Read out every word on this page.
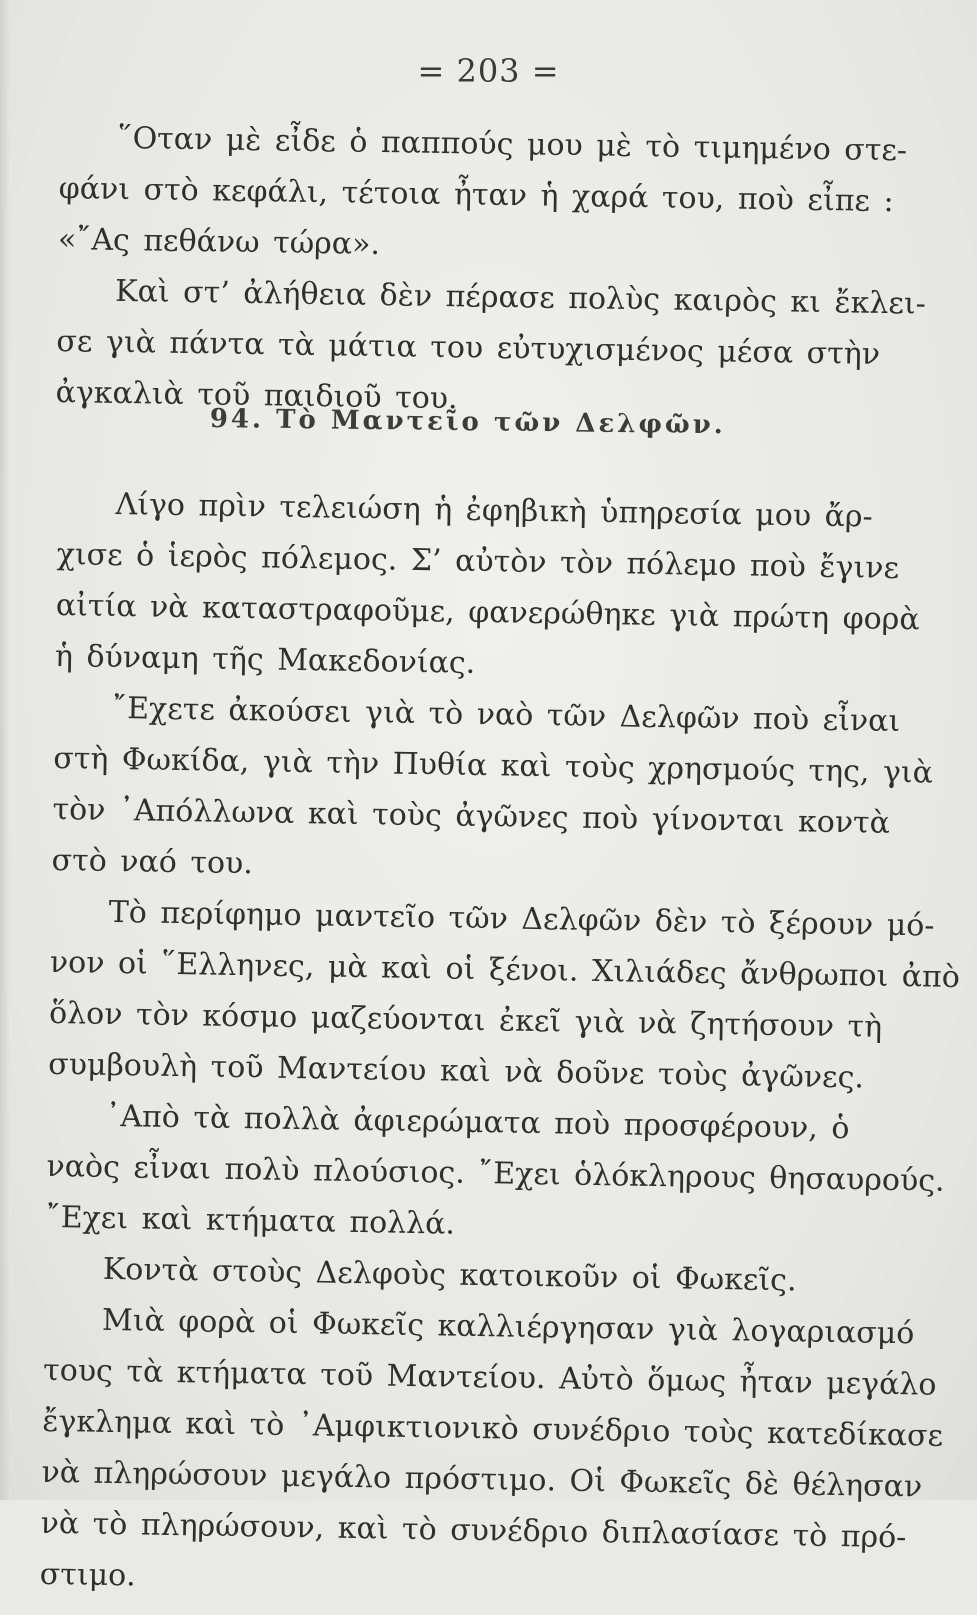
= 203 =
῞Οταν μὲ εἶδε ὁ παππούς μου μὲ τὸ τιμημένο στε-
φάνι στὸ κεφάλι, τέτοια ἦταν ἡ χαρά του, ποὺ εἶπε :
«῎Ας πεθάνω τώρα».
Καὶ στ’ ἀλήθεια δὲν πέρασε πολὺς καιρὸς κι ἔκλει-
σε γιὰ πάντα τὰ μάτια του εὐτυχισμένος μέσα στὴν
ἀγκαλιὰ τοῦ παιδιοῦ του.
94. Τὸ Μαντεῖο τῶν Δελφῶν.
Λίγο πρὶν τελειώση ἡ ἐφηβικὴ ὑπηρεσία μου ἄρ-
χισε ὁ ἱερὸς πόλεμος. Σ’ αὐτὸν τὸν πόλεμο ποὺ ἔγινε
αἰτία νὰ καταστραφοῦμε, φανερώθηκε γιὰ πρώτη φορὰ
ἡ δύναμη τῆς Μακεδονίας.
῎Εχετε ἀκούσει γιὰ τὸ ναὸ τῶν Δελφῶν ποὺ εἶναι
στὴ Φωκίδα, γιὰ τὴν Πυθία καὶ τοὺς χρησμούς της, γιὰ
τὸν ᾽Απόλλωνα καὶ τοὺς ἀγῶνες ποὺ γίνονται κοντὰ
στὸ ναό του.
Τὸ περίφημο μαντεῖο τῶν Δελφῶν δὲν τὸ ξέρουν μό-
νον οἱ ῞Ελληνες, μὰ καὶ οἱ ξένοι. Χιλιάδες ἄνθρωποι ἀπὸ
ὅλον τὸν κόσμο μαζεύονται ἐκεῖ γιὰ νὰ ζητήσουν τὴ
συμβουλὴ τοῦ Μαντείου καὶ νὰ δοῦνε τοὺς ἀγῶνες.
᾽Απὸ τὰ πολλὰ ἀφιερώματα ποὺ προσφέρουν, ὁ
ναὸς εἶναι πολὺ πλούσιος. ῎Εχει ὁλόκληρους θησαυρούς.
῎Εχει καὶ κτήματα πολλά.
Κοντὰ στοὺς Δελφοὺς κατοικοῦν οἱ Φωκεῖς.
Μιὰ φορὰ οἱ Φωκεῖς καλλιέργησαν γιὰ λογαριασμό
τους τὰ κτήματα τοῦ Μαντείου. Αὐτὸ ὅμως ἦταν μεγάλο
ἔγκλημα καὶ τὸ ᾽Αμφικτιονικὸ συνέδριο τοὺς κατεδίκασε
νὰ πληρώσουν μεγάλο πρόστιμο. Οἱ Φωκεῖς δὲ θέλησαν
νὰ τὸ πληρώσουν, καὶ τὸ συνέδριο διπλασίασε τὸ πρό-
στιμο.
